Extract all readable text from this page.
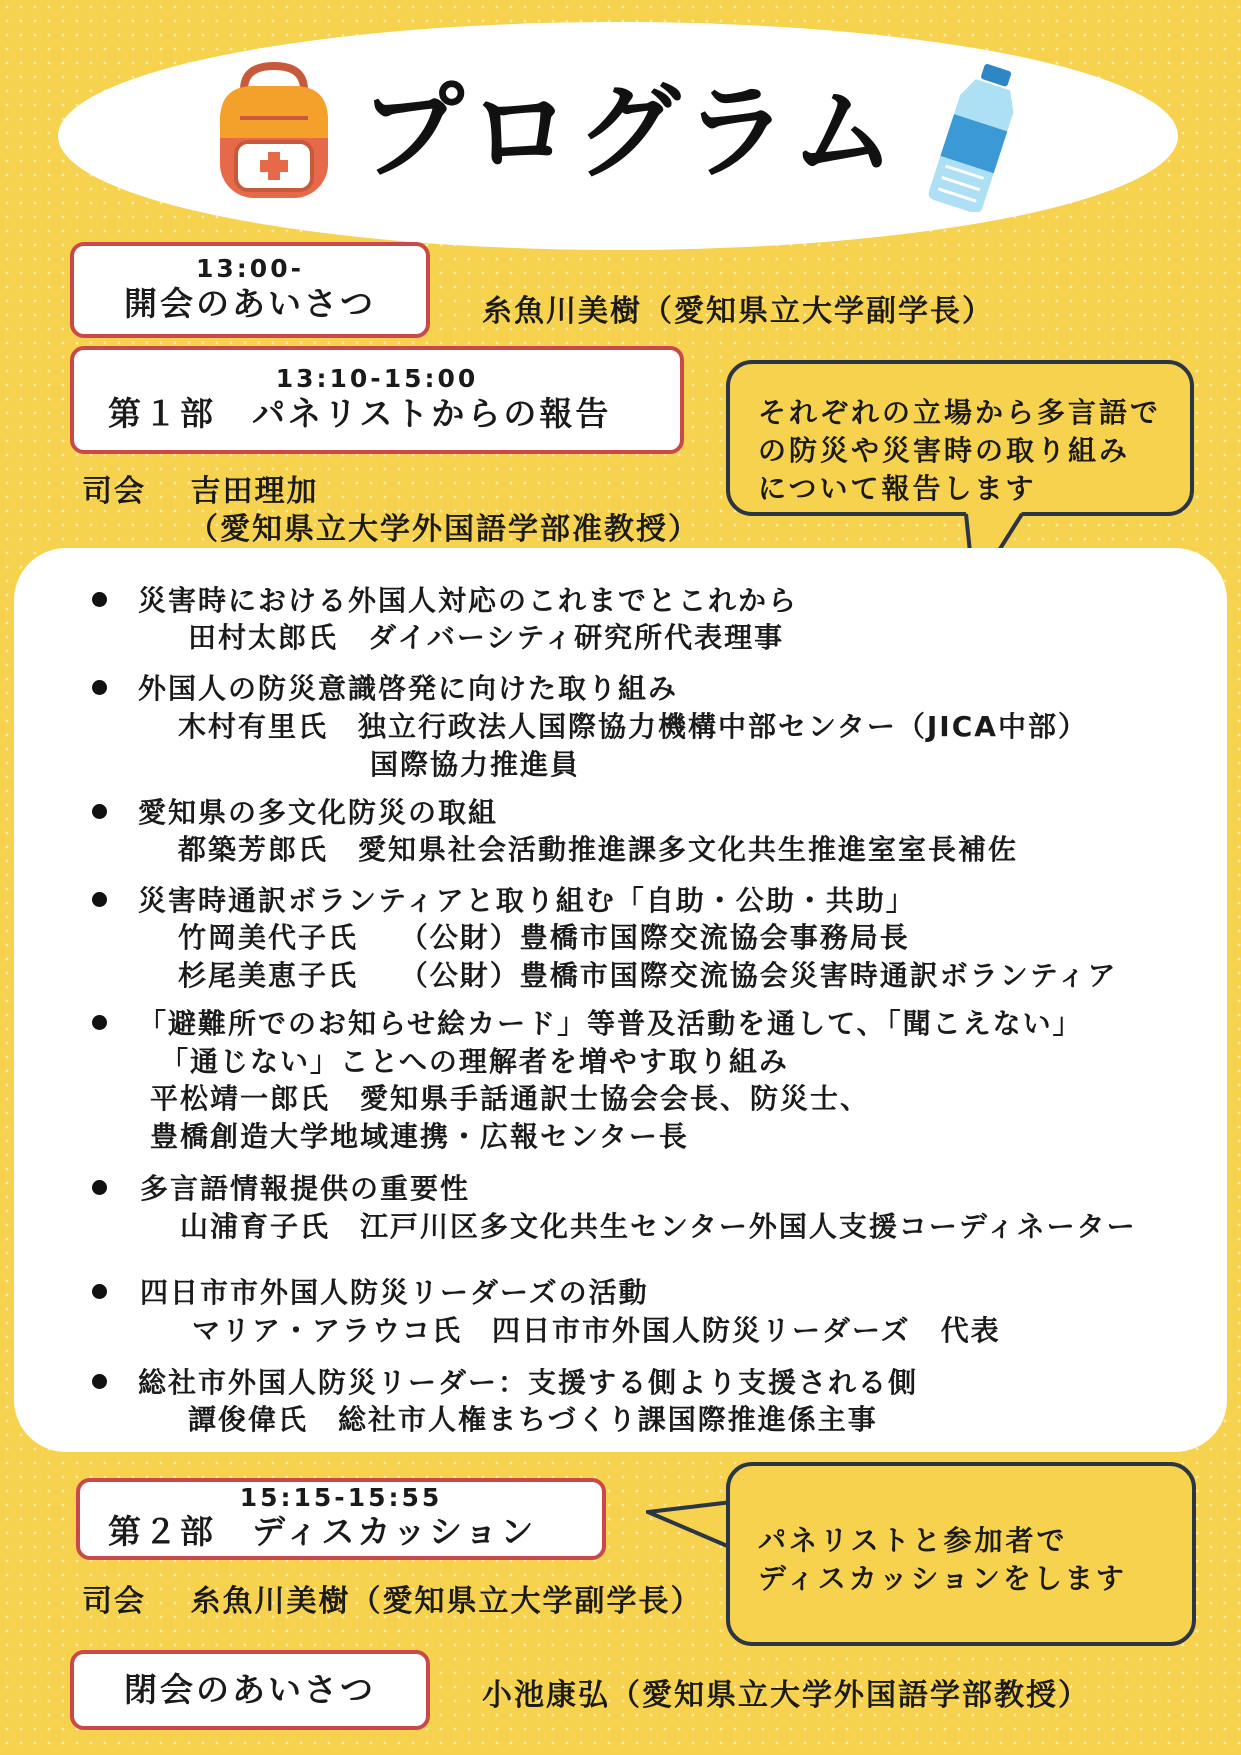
プログラム
13:00-
開会のあいさつ	糸魚川美樹（愛知県立大学副学長）
13:10-15:00
第１部　パネリストからの報告
司会　 吉田理加
（愛知県立大学外国語学部准教授）
それぞれの立場から多言語で
の防災や災害時の取り組み
について報告します
災害時における外国人対応のこれまでとこれから
田村太郎氏　ダイバーシティ研究所代表理事
外国人の防災意識啓発に向けた取り組み
木村有里氏　独立行政法人国際協力機構中部センター（JICA中部）
国際協力推進員
愛知県の多文化防災の取組
都築芳郎氏　愛知県社会活動推進課多文化共生推進室室長補佐
災害時通訳ボランティアと取り組む「自助・公助・共助」
竹岡美代子氏　 （公財）豊橋市国際交流協会事務局長
杉尾美恵子氏　 （公財）豊橋市国際交流協会災害時通訳ボランティア
「避難所でのお知らせ絵カード」等普及活動を通して、「聞こえない」
「通じない」ことへの理解者を増やす取り組み
平松靖一郎氏　愛知県手話通訳士協会会長、防災士、
豊橋創造大学地域連携・広報センター長
多言語情報提供の重要性
山浦育子氏　江戸川区多文化共生センター外国人支援コーディネーター
四日市市外国人防災リーダーズの活動
マリア・アラウコ氏　四日市市外国人防災リーダーズ　代表
総社市外国人防災リーダー：支援する側より支援される側
譚俊偉氏　総社市人権まちづくり課国際推進係主事
15:15-15:55
第２部　ディスカッション
司会　 糸魚川美樹（愛知県立大学副学長）
パネリストと参加者で
ディスカッションをします
閉会のあいさつ	小池康弘（愛知県立大学外国語学部教授）
